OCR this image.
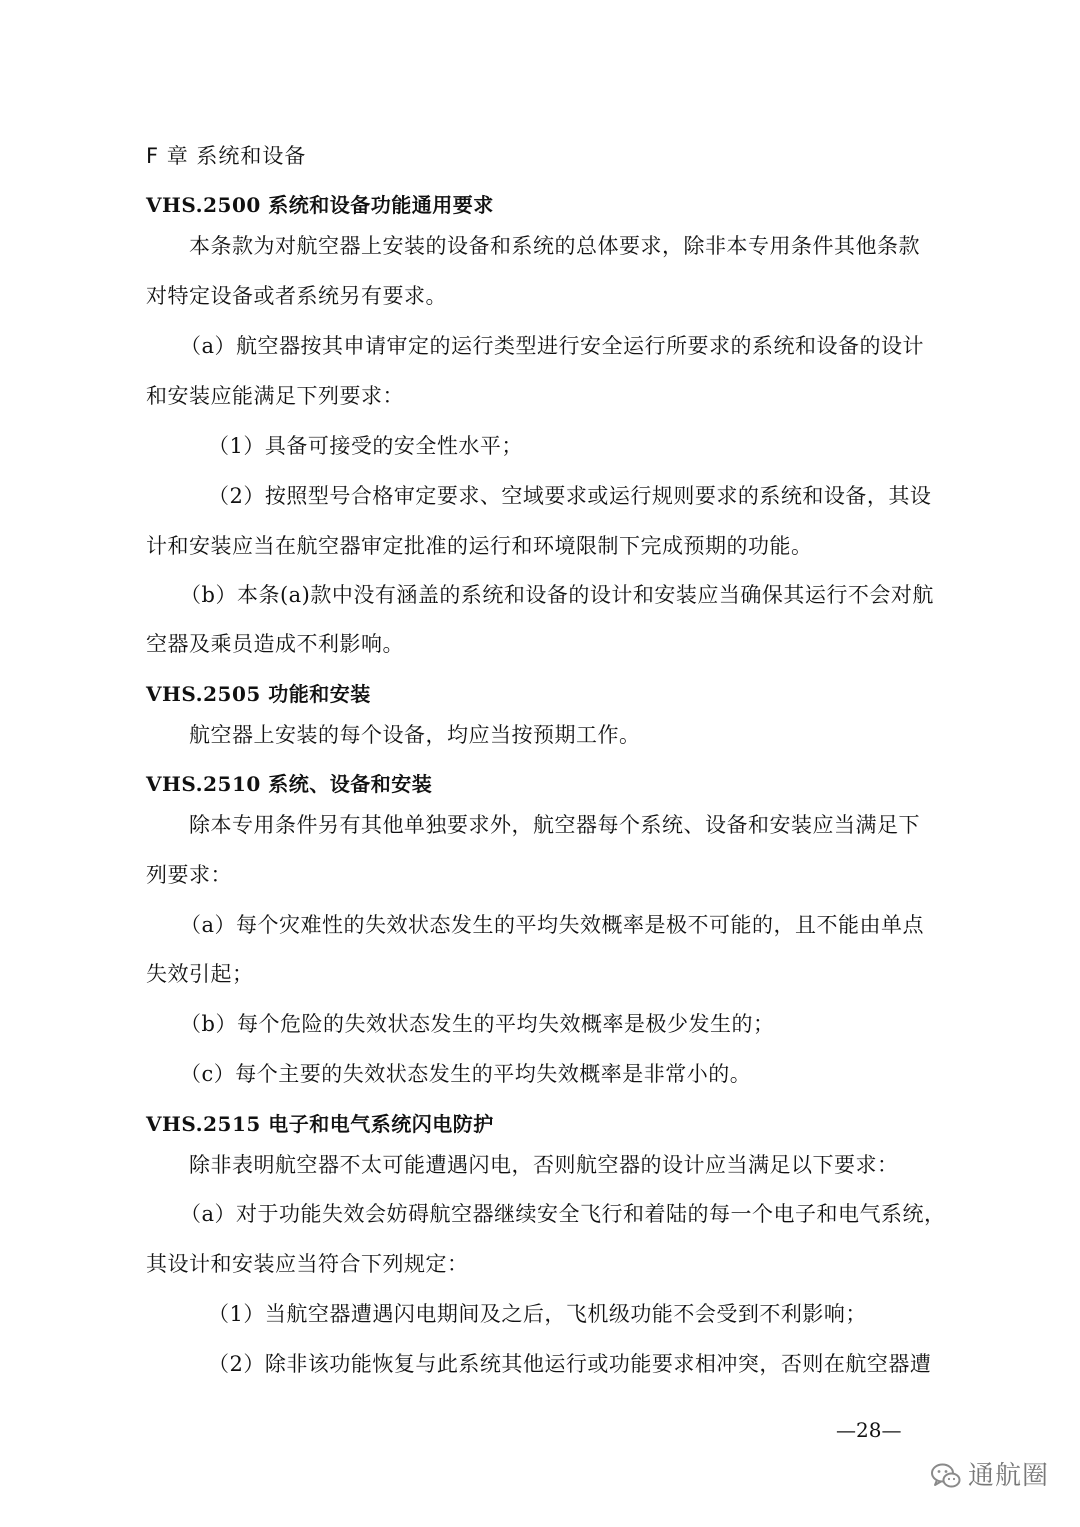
F 章 系统和设备
VHS.2500 系统和设备功能通用要求
本条款为对航空器上安装的设备和系统的总体要求，除非本专用条件其他条款
对特定设备或者系统另有要求。
（a）航空器按其申请审定的运行类型进行安全运行所要求的系统和设备的设计
和安装应能满足下列要求：
（1）具备可接受的安全性水平；
（2）按照型号合格审定要求、空域要求或运行规则要求的系统和设备，其设
计和安装应当在航空器审定批准的运行和环境限制下完成预期的功能。
（b）本条(a)款中没有涵盖的系统和设备的设计和安装应当确保其运行不会对航
空器及乘员造成不利影响。
VHS.2505 功能和安装
航空器上安装的每个设备，均应当按预期工作。
VHS.2510 系统、设备和安装
除本专用条件另有其他单独要求外，航空器每个系统、设备和安装应当满足下
列要求：
（a）每个灾难性的失效状态发生的平均失效概率是极不可能的，且不能由单点
失效引起；
（b）每个危险的失效状态发生的平均失效概率是极少发生的；
（c）每个主要的失效状态发生的平均失效概率是非常小的。
VHS.2515 电子和电气系统闪电防护
除非表明航空器不太可能遭遇闪电，否则航空器的设计应当满足以下要求：
（a）对于功能失效会妨碍航空器继续安全飞行和着陆的每一个电子和电气系统，
其设计和安装应当符合下列规定：
（1）当航空器遭遇闪电期间及之后，飞机级功能不会受到不利影响；
（2）除非该功能恢复与此系统其他运行或功能要求相冲突，否则在航空器遭
—28—
通航圈
